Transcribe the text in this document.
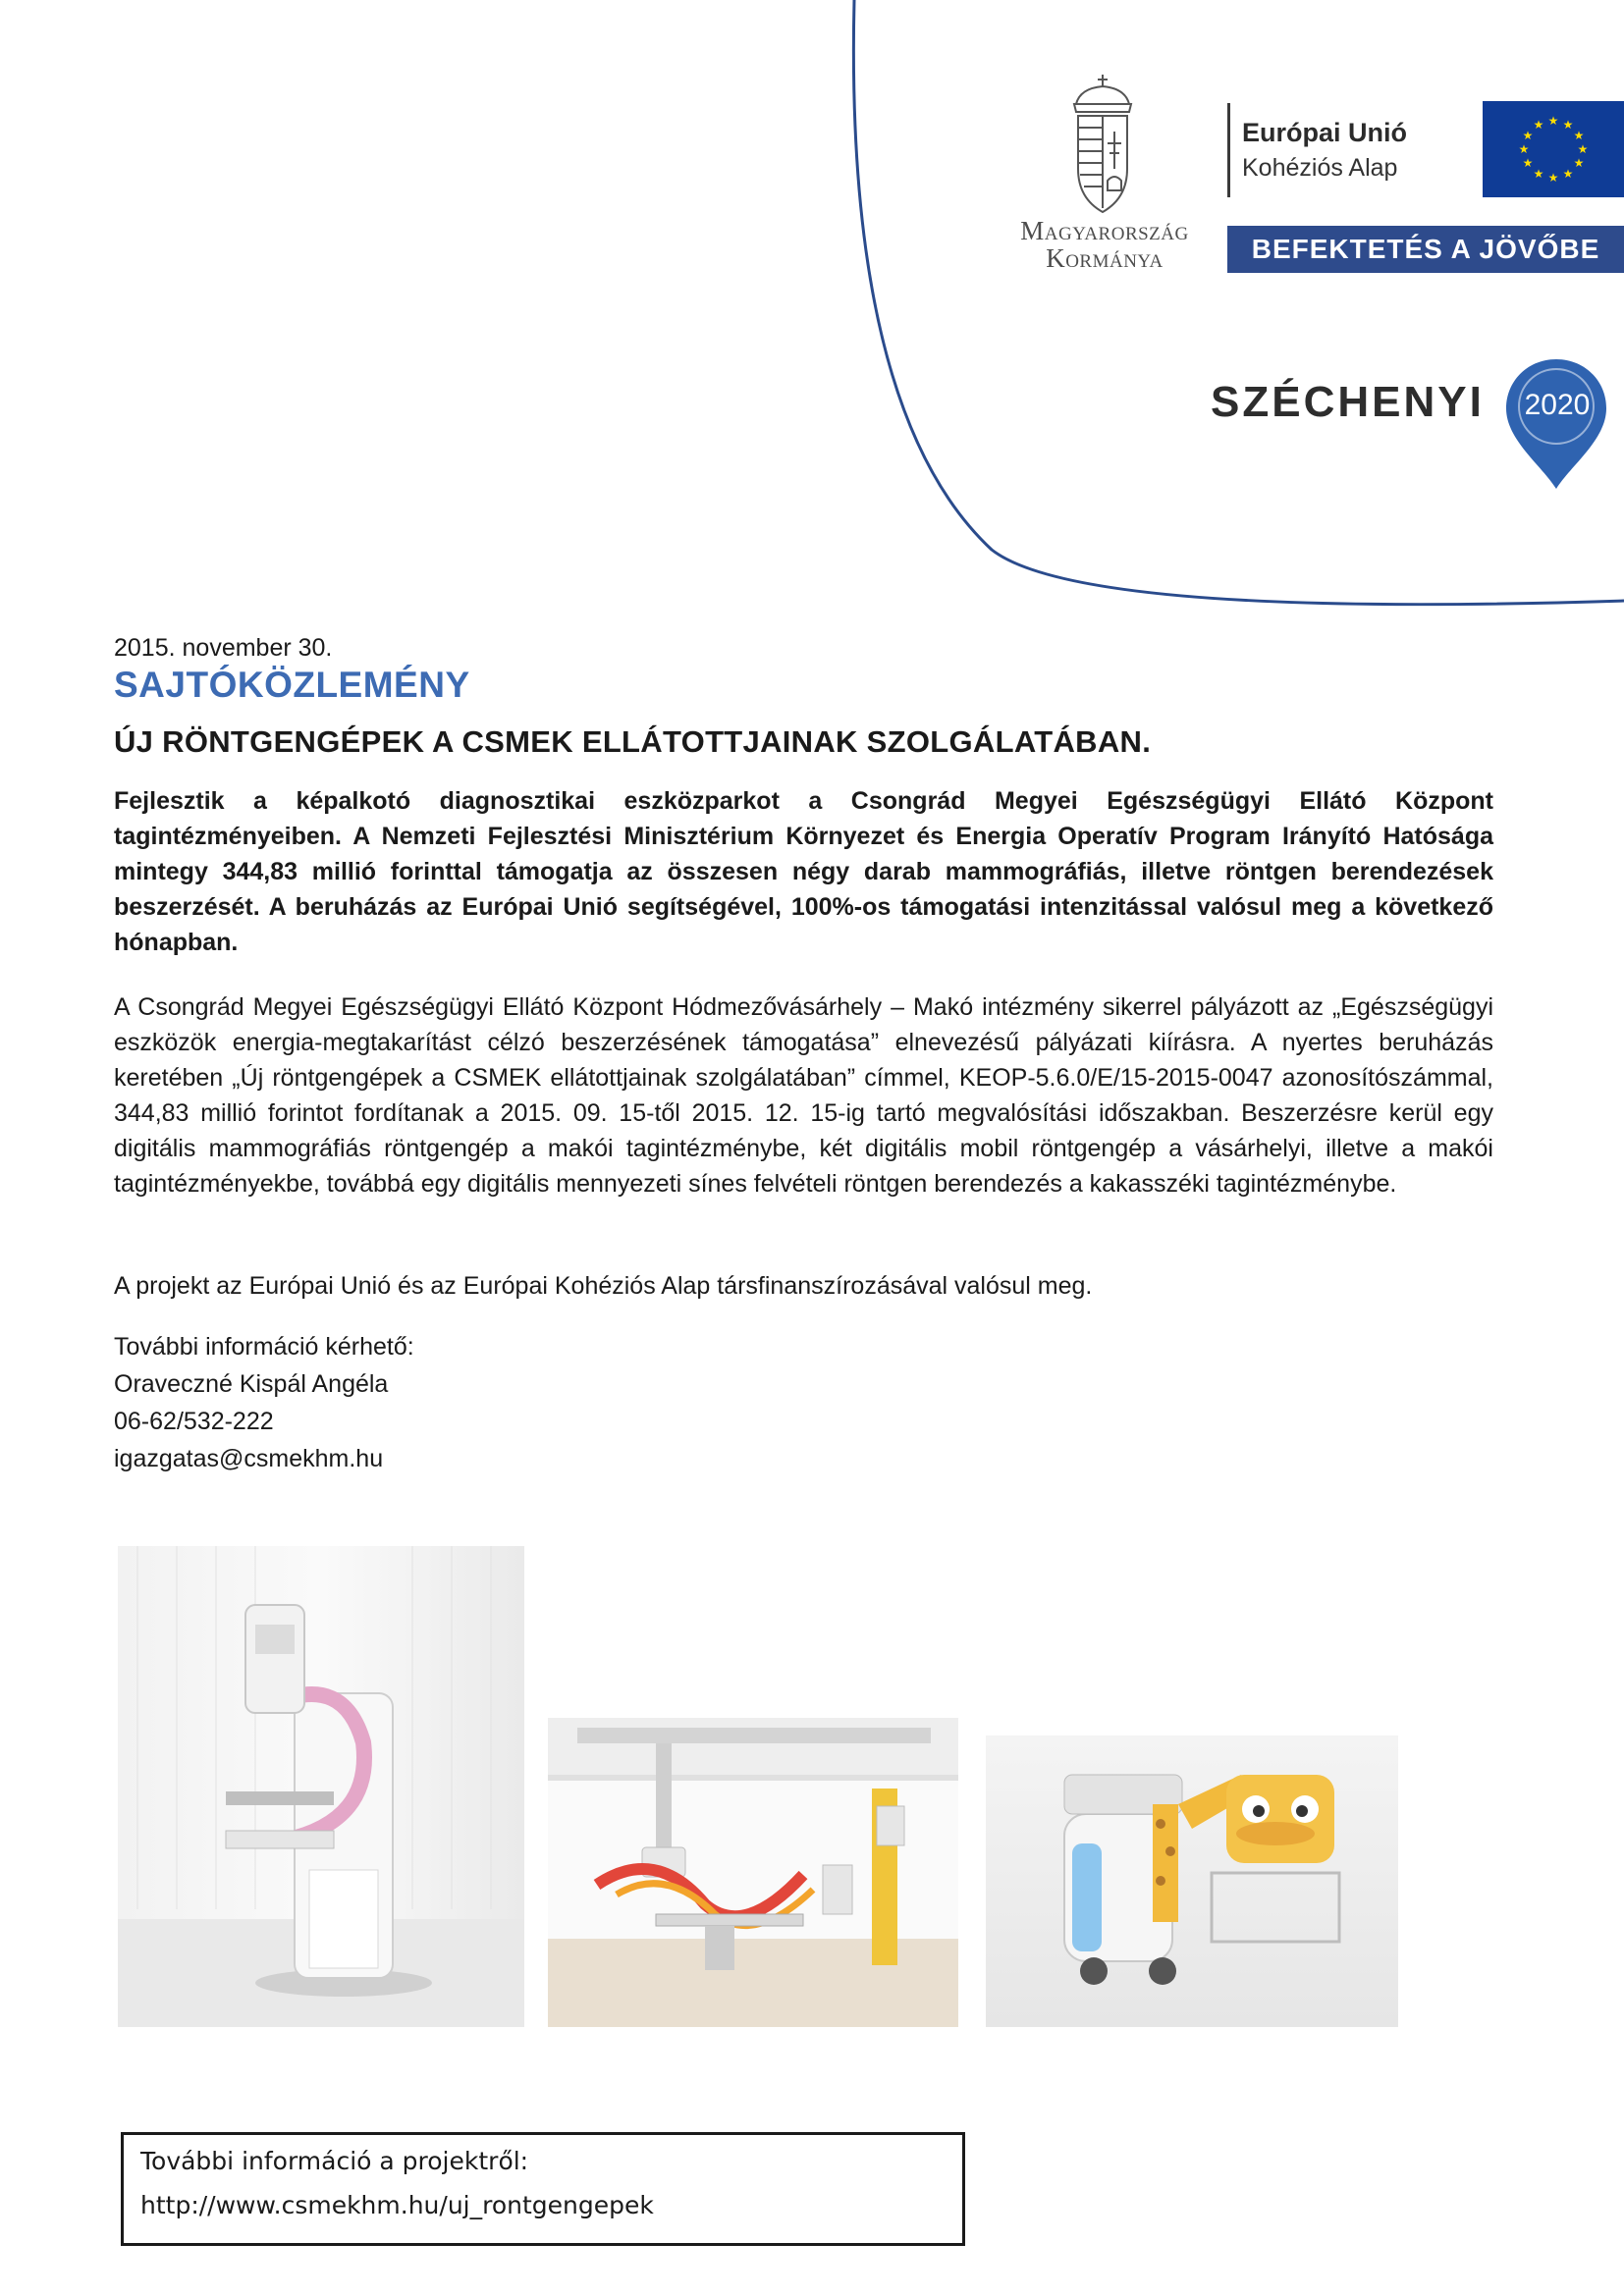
Magyarország
Kormánya
Európai Unió
Kohéziós Alap
★ ★
★
★
★
★
★
★
★
★
★
★
BEFEKTETÉS A JÖVŐBE
SZÉCHENYI 2020
2015. november 30.
SAJTÓKÖZLEMÉNY
ÚJ RÖNTGENGÉPEK A CSMEK ELLÁTOTTJAINAK SZOLGÁLATÁBAN.
Fejlesztik a képalkotó diagnosztikai eszközparkot a Csongrád Megyei Egészségügyi Ellátó Központ tagintézményeiben. A Nemzeti Fejlesztési Minisztérium Környezet és Energia Operatív Program Irányító Hatósága mintegy 344,83 millió forinttal támogatja az összesen négy darab mammográfiás, illetve röntgen berendezések beszerzését. A beruházás az Európai Unió segítségével, 100%-os támogatási intenzitással valósul meg a következő hónapban.
A Csongrád Megyei Egészségügyi Ellátó Központ Hódmezővásárhely – Makó intézmény sikerrel pályázott az „Egészségügyi eszközök energia-megtakarítást célzó beszerzésének támogatása” elnevezésű pályázati kiírásra. A nyertes beruházás keretében „Új röntgengépek a CSMEK ellátottjainak szolgálatában” címmel, KEOP-5.6.0/E/15-2015-0047 azonosítószámmal, 344,83 millió forintot fordítanak a 2015. 09. 15-től 2015. 12. 15-ig tartó megvalósítási időszakban. Beszerzésre kerül egy digitális mammográfiás röntgengép a makói tagintézménybe, két digitális mobil röntgengép a vásárhelyi, illetve a makói tagintézményekbe, továbbá egy digitális mennyezeti sínes felvételi röntgen berendezés a kakasszéki tagintézménybe.
A projekt az Európai Unió és az Európai Kohéziós Alap társfinanszírozásával valósul meg.
További információ kérhető:
Oraveczné Kispál Angéla
06-62/532-222
igazgatas@csmekhm.hu
További információ a projektről:
http://www.csmekhm.hu/uj_rontgengepek
